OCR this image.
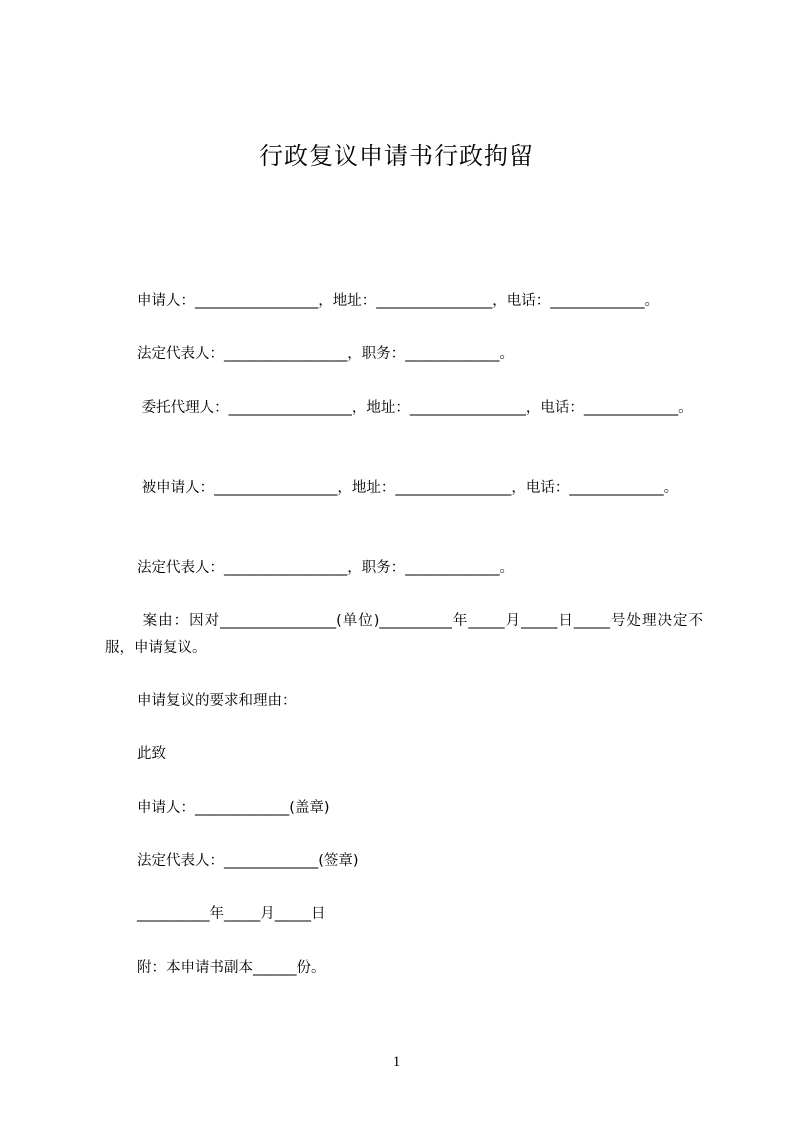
行政复议申请书行政拘留
申请人：_________________，地址：________________，电话：_____________。
法定代表人：_________________，职务：_____________。
委托代理人：_________________，地址：________________，电话：_____________。
被申请人：_________________，地址：________________，电话：_____________。
法定代表人：_________________，职务：_____________。
案由：因对________________(单位)__________年_____月_____日_____号处理决定不服，申请复议。
申请复议的要求和理由：
此致
申请人：_____________(盖章)
法定代表人：_____________(签章)
__________年_____月_____日
附：本申请书副本______份。
1
